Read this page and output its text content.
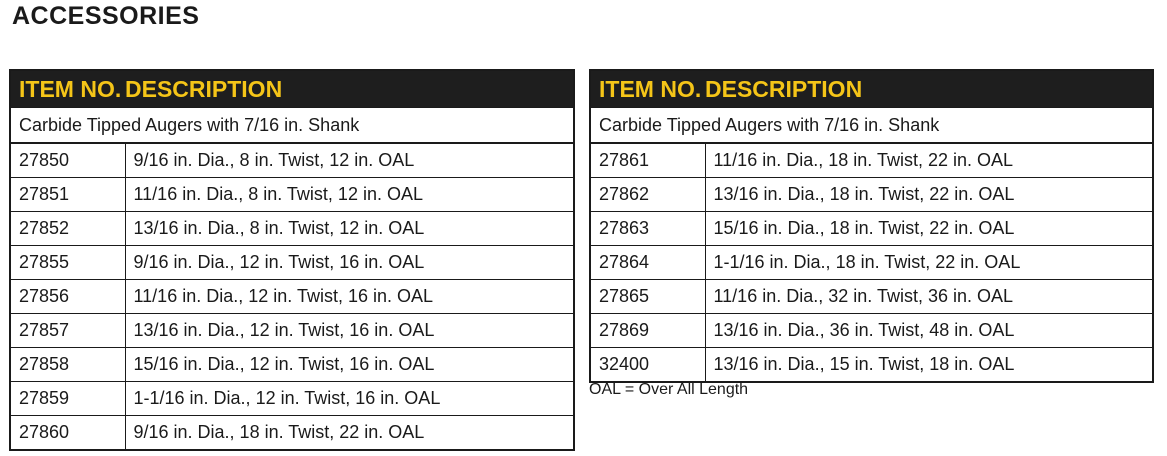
ACCESSORIES
ITEM NO.	DESCRIPTION
Carbide Tipped Augers with 7/16 in. Shank	
27850	9/16 in. Dia., 8 in. Twist, 12 in. OAL
27851	11/16 in. Dia., 8 in. Twist, 12 in. OAL
27852	13/16 in. Dia., 8 in. Twist, 12 in. OAL
27855	9/16 in. Dia., 12 in. Twist, 16 in. OAL
27856	11/16 in. Dia., 12 in. Twist, 16 in. OAL
27857	13/16 in. Dia., 12 in. Twist, 16 in. OAL
27858	15/16 in. Dia., 12 in. Twist, 16 in. OAL
27859	1-1/16 in. Dia., 12 in. Twist, 16 in. OAL
27860	9/16 in. Dia., 18 in. Twist, 22 in. OAL
ITEM NO.	DESCRIPTION
Carbide Tipped Augers with 7/16 in. Shank	
27861	11/16 in. Dia., 18 in. Twist, 22 in. OAL
27862	13/16 in. Dia., 18 in. Twist, 22 in. OAL
27863	15/16 in. Dia., 18 in. Twist, 22 in. OAL
27864	1-1/16 in. Dia., 18 in. Twist, 22 in. OAL
27865	11/16 in. Dia., 32 in. Twist, 36 in. OAL
27869	13/16 in. Dia., 36 in. Twist, 48 in. OAL
32400	13/16 in. Dia., 15 in. Twist, 18 in. OAL

OAL = Over All Length
